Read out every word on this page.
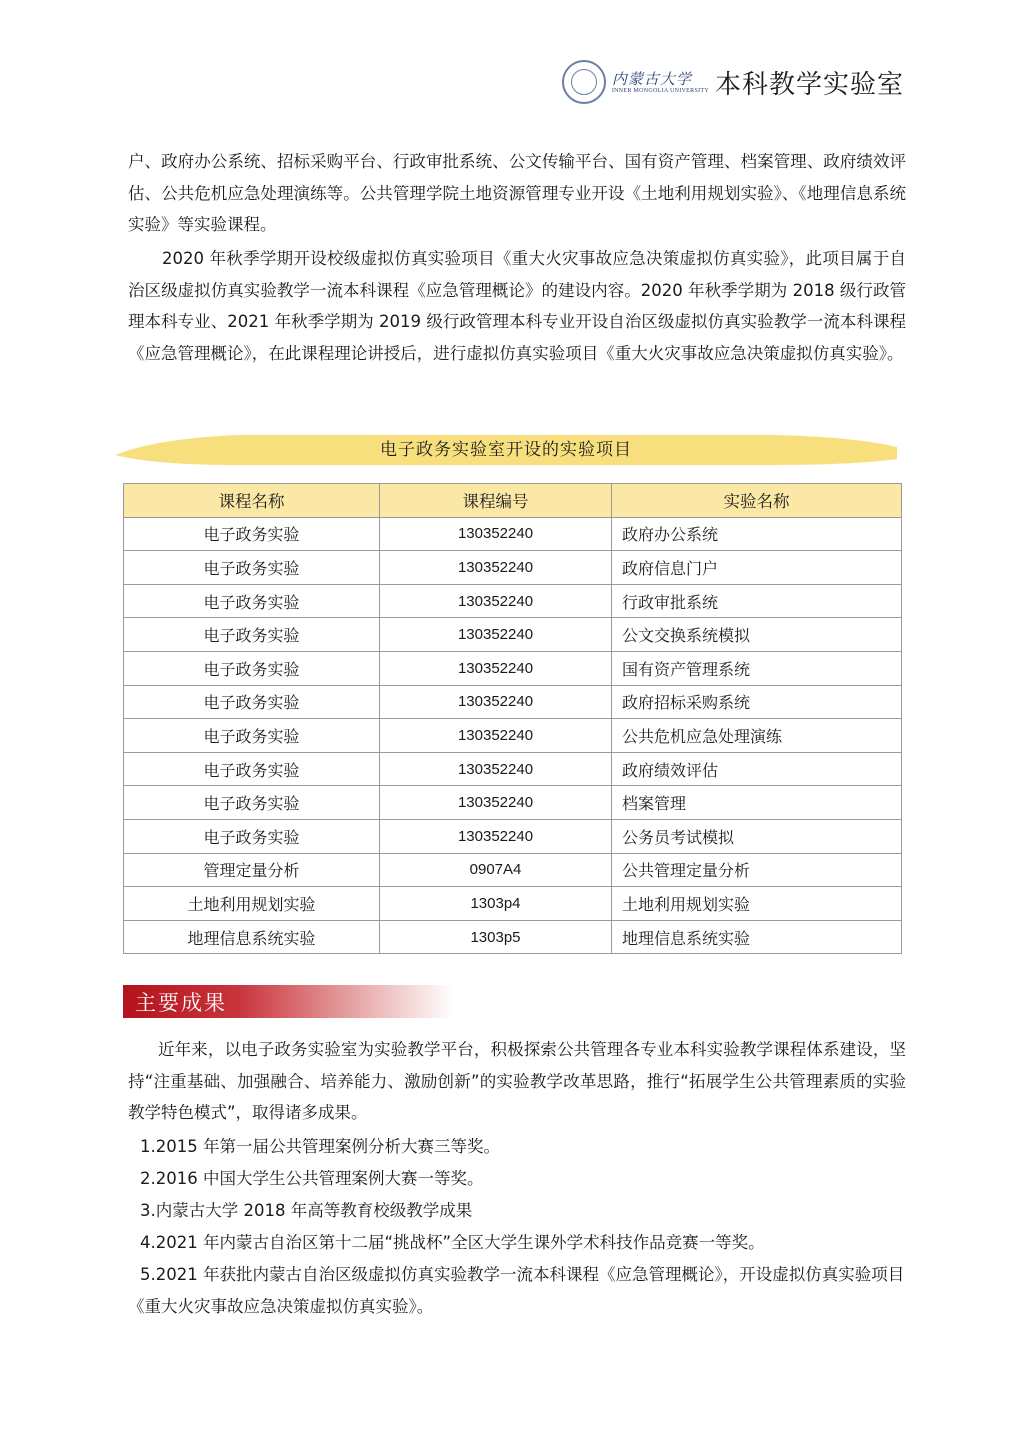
内蒙古大学
INNER MONGOLIA UNIVERSITY 本科教学实验室

户、政府办公系统、招标采购平台、行政审批系统、公文传输平台、国有资产管理、档案管理、政府绩效评估、公共危机应急处理演练等。公共管理学院土地资源管理专业开设《土地利用规划实验》、《地理信息系统实验》等实验课程。

2020 年秋季学期开设校级虚拟仿真实验项目《重大火灾事故应急决策虚拟仿真实验》，此项目属于自治区级虚拟仿真实验教学一流本科课程《应急管理概论》的建设内容。2020 年秋季学期为 2018 级行政管理本科专业、2021 年秋季学期为 2019 级行政管理本科专业开设自治区级虚拟仿真实验教学一流本科课程《应急管理概论》，在此课程理论讲授后，进行虚拟仿真实验项目《重大火灾事故应急决策虚拟仿真实验》。

电子政务实验室开设的实验项目
课程名称	课程编号	实验名称
电子政务实验	130352240	政府办公系统
电子政务实验	130352240	政府信息门户
电子政务实验	130352240	行政审批系统
电子政务实验	130352240	公文交换系统模拟
电子政务实验	130352240	国有资产管理系统
电子政务实验	130352240	政府招标采购系统
电子政务实验	130352240	公共危机应急处理演练
电子政务实验	130352240	政府绩效评估
电子政务实验	130352240	档案管理
电子政务实验	130352240	公务员考试模拟
管理定量分析	0907A4	公共管理定量分析
土地利用规划实验	1303p4	土地利用规划实验
地理信息系统实验	1303p5	地理信息系统实验
主要成果

近年来，以电子政务实验室为实验教学平台，积极探索公共管理各专业本科实验教学课程体系建设，坚持“注重基础、加强融合、培养能力、激励创新”的实验教学改革思路，推行“拓展学生公共管理素质的实验教学特色模式”，取得诸多成果。

1.2015 年第一届公共管理案例分析大赛三等奖。
2.2016 中国大学生公共管理案例大赛一等奖。
3.内蒙古大学 2018 年高等教育校级教学成果
4.2021 年内蒙古自治区第十二届“挑战杯”全区大学生课外学术科技作品竞赛一等奖。
5.2021 年获批内蒙古自治区级虚拟仿真实验教学一流本科课程《应急管理概论》，开设虚拟仿真实验项目《重大火灾事故应急决策虚拟仿真实验》。
